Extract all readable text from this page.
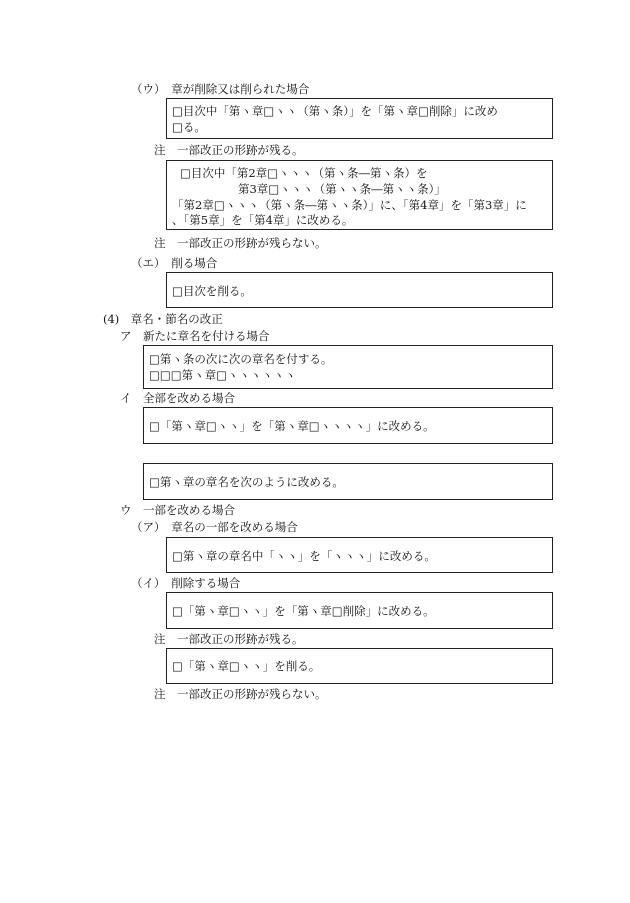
（ウ）　章が削除又は削られた場合
□目次中「第ヽ章□ヽヽ（第ヽ条）」を「第ヽ章□削除」に改め
□る。
注　一部改正の形跡が残る。
□目次中「第2章□ヽヽヽ（第ヽ条―第ヽ条）を
第3章□ヽヽヽ（第ヽヽ条―第ヽヽ条）」
「第2章□ヽヽヽ（第ヽ条―第ヽヽ条）」に、「第4章」を「第3章」に
、「第5章」を「第4章」に改める。
注　一部改正の形跡が残らない。
（エ）　削る場合
□目次を削る。
(4)　章名・節名の改正
ア　新たに章名を付ける場合
□第ヽ条の次に次の章名を付する。
□□□第ヽ章□ヽヽヽヽヽヽ
イ　全部を改める場合
□「第ヽ章□ヽヽ」を「第ヽ章□ヽヽヽヽ」に改める。
□第ヽ章の章名を次のように改める。
ウ　一部を改める場合
（ア）　章名の一部を改める場合
□第ヽ章の章名中「ヽヽ」を「ヽヽヽ」に改める。
（イ）　削除する場合
□「第ヽ章□ヽヽ」を「第ヽ章□削除」に改める。
注　一部改正の形跡が残る。
□「第ヽ章□ヽヽ」を削る。
注　一部改正の形跡が残らない。
